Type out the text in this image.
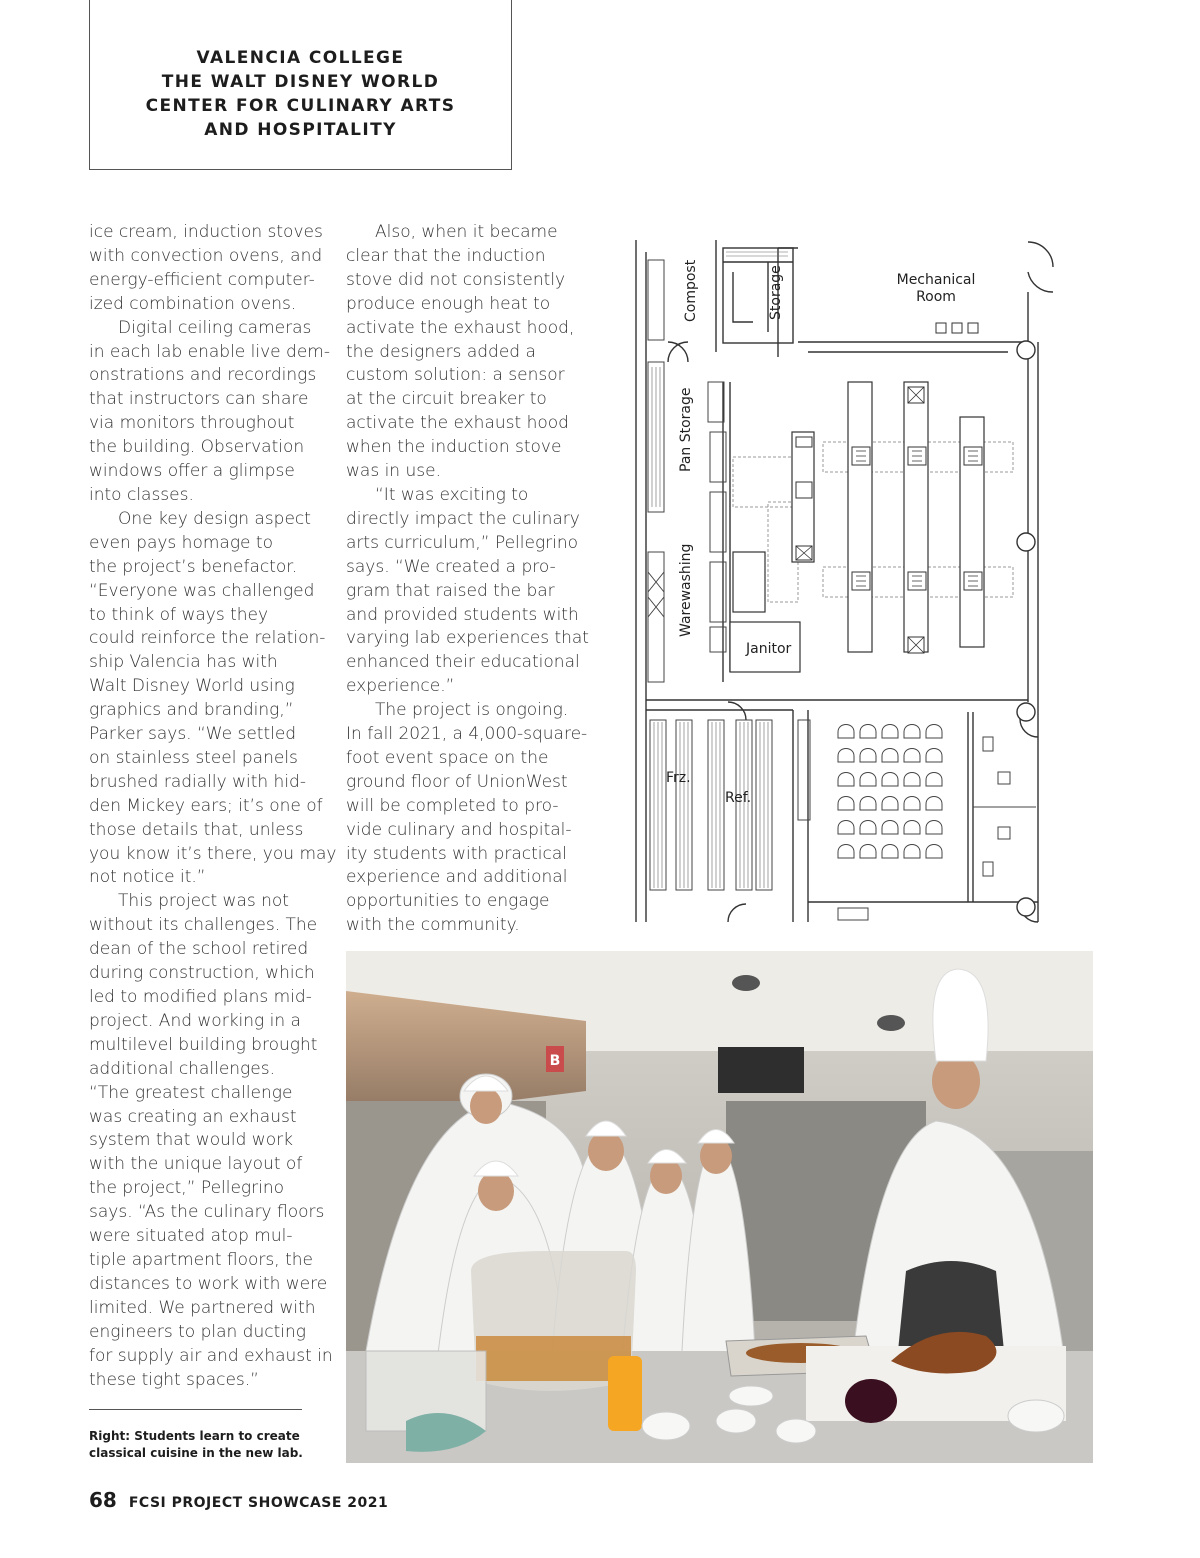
VALENCIA COLLEGE
THE WALT DISNEY WORLD
CENTER FOR CULINARY ARTS
AND HOSPITALITY
ice cream, induction stoves
with convection ovens, and
energy-efficient computer-
ized combination ovens.
Digital ceiling cameras
in each lab enable live dem-
onstrations and recordings
that instructors can share
via monitors throughout
the building. Observation
windows offer a glimpse
into classes.
One key design aspect
even pays homage to
the project’s benefactor.
“Everyone was challenged
to think of ways they
could reinforce the relation-
ship Valencia has with
Walt Disney World using
graphics and branding,”
Parker says. “We settled
on stainless steel panels
brushed radially with hid-
den Mickey ears; it’s one of
those details that, unless
you know it’s there, you may
not notice it.”
This project was not
without its challenges. The
dean of the school retired
during construction, which
led to modified plans mid-
project. And working in a
multilevel building brought
additional challenges.
“The greatest challenge
was creating an exhaust
system that would work
with the unique layout of
the project,” Pellegrino
says. “As the culinary floors
were situated atop mul-
tiple apartment floors, the
distances to work with were
limited. We partnered with
engineers to plan ducting
for supply air and exhaust in
these tight spaces.”
Also, when it became
clear that the induction
stove did not consistently
produce enough heat to
activate the exhaust hood,
the designers added a
custom solution: a sensor
at the circuit breaker to
activate the exhaust hood
when the induction stove
was in use.
“It was exciting to
directly impact the culinary
arts curriculum,” Pellegrino
says. “We created a pro-
gram that raised the bar
and provided students with
varying lab experiences that
enhanced their educational
experience.”
The project is ongoing.
In fall 2021, a 4,000-square-
foot event space on the
ground floor of UnionWest
will be completed to pro-
vide culinary and hospital-
ity students with practical
experience and additional
opportunities to engage
with the community.
Compost	Storage	Mechanical
Room
Pan Storage
Warewashing
Janitor
Frz.
Ref.
B
Right: Students learn to create
classical cuisine in the new lab.
68 FCSI PROJECT SHOWCASE 2021
